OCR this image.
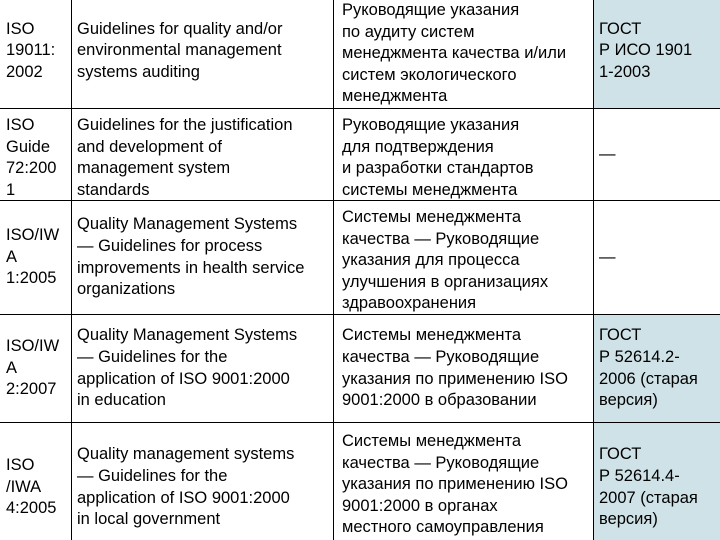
ISO
19011:
2002
Guidelines for quality and/or
environmental management
systems auditing
Руководящие указания
по аудиту систем
менеджмента качества и/или
систем экологического
менеджмента
ГОСТ
Р ИСО 1901
1-2003
ISO
Guide
72:200
1
Guidelines for the justification
and development of
management system
standards
Руководящие указания
для подтверждения
и разработки стандартов
системы менеджмента
—
ISO/IW
A
1:2005
Quality Management Systems
— Guidelines for process
improvements in health service
organizations
Системы менеджмента
качества — Руководящие
указания для процесса
улучшения в организациях
здравоохранения
—
ISO/IW
A
2:2007
Quality Management Systems
— Guidelines for the
application of ISO 9001:2000
in education
Системы менеджмента
качества — Руководящие
указания по применению ISO
9001:2000 в образовании
ГОСТ
Р 52614.2-
2006 (старая
версия)
ISO
/IWA
4:2005
Quality management systems
— Guidelines for the
application of ISO 9001:2000
in local government
Системы менеджмента
качества — Руководящие
указания по применению ISO
9001:2000 в органах
местного самоуправления
ГОСТ
Р 52614.4-
2007 (старая
версия)
